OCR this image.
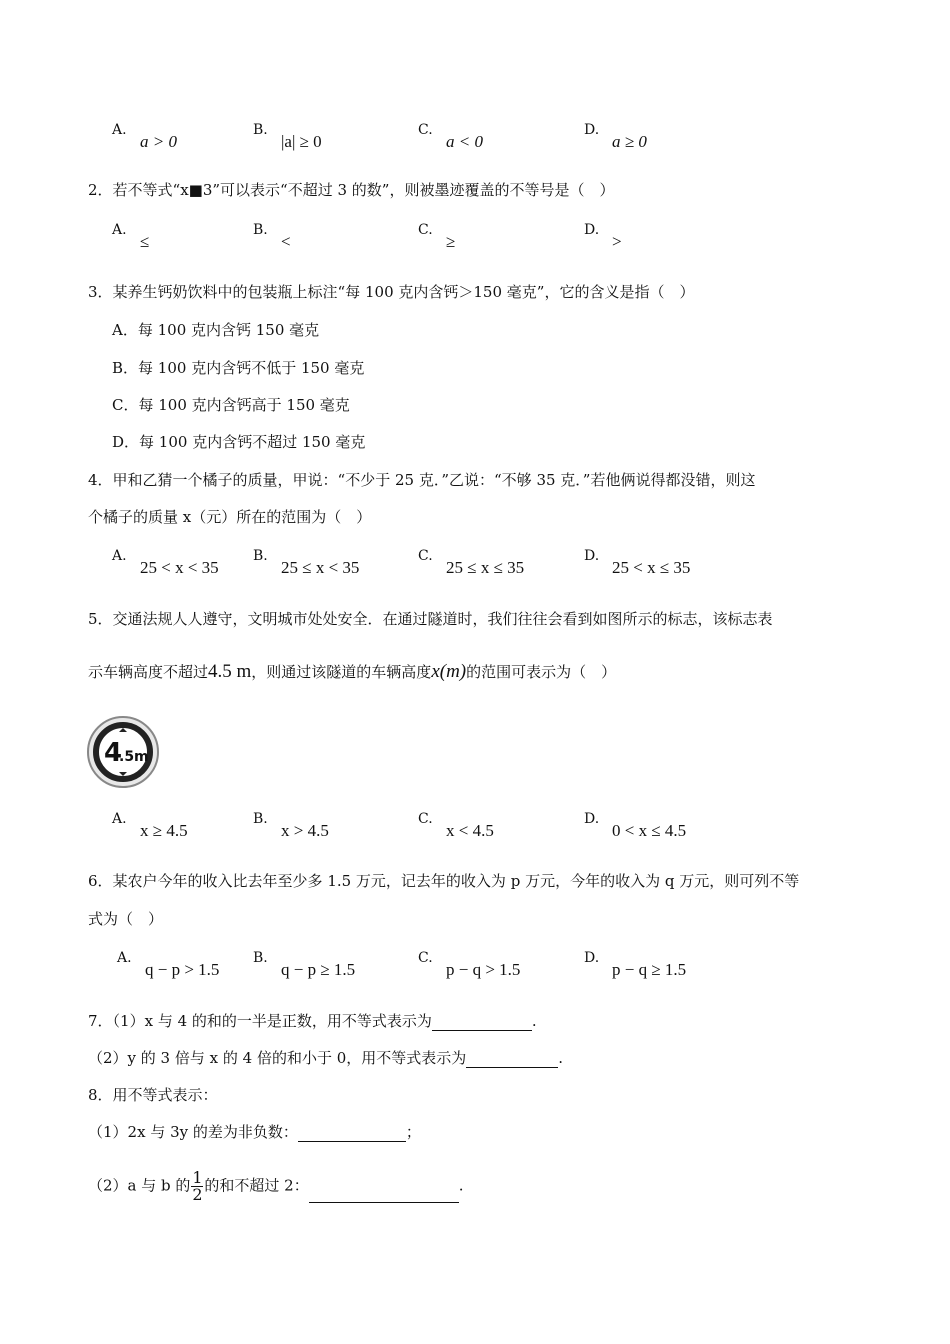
A.
a > 0
B.
|a| ≥ 0
C.
a < 0
D.
a ≥ 0
2．若不等式“x■3”可以表示“不超过 3 的数”，则被墨迹覆盖的不等号是（　）
A.
≤
B.
<
C.
≥
D.
>
3．某养生钙奶饮料中的包装瓶上标注“每 100 克内含钙＞150 毫克”，它的含义是指（　）
A．每 100 克内含钙 150 毫克
B．每 100 克内含钙不低于 150 毫克
C．每 100 克内含钙高于 150 毫克
D．每 100 克内含钙不超过 150 毫克
4．甲和乙猜一个橘子的质量，甲说：“不少于 25 克．”乙说：“不够 35 克．”若他俩说得都没错，则这
个橘子的质量 x（元）所在的范围为（　）
A.
25 < x < 35
B.
25 ≤ x < 35
C.
25 ≤ x ≤ 35
D.
25 < x ≤ 35
5．交通法规人人遵守，文明城市处处安全．在通过隧道时，我们往往会看到如图所示的标志，该标志表
示车辆高度不超过4.5 m，则通过该隧道的车辆高度x(m)的范围可表示为（　）
4
.5m
A.
x ≥ 4.5
B.
x > 4.5
C.
x < 4.5
D.
0 < x ≤ 4.5
6．某农户今年的收入比去年至少多 1.5 万元，记去年的收入为 p 万元，今年的收入为 q 万元，则可列不等
式为（　）
A.
q − p > 1.5
B.
q − p ≥ 1.5
C.
p − q > 1.5
D.
p − q ≥ 1.5
7．（1）x 与 4 的和的一半是正数，用不等式表示为	.
（2）y 的 3 倍与 x 的 4 倍的和小于 0，用不等式表示为	.
8．用不等式表示：
（1）2x 与 3y 的差为非负数：	；
（2）a 与 b 的 $\frac{1}{2}$ 的和不超过 2：	.
